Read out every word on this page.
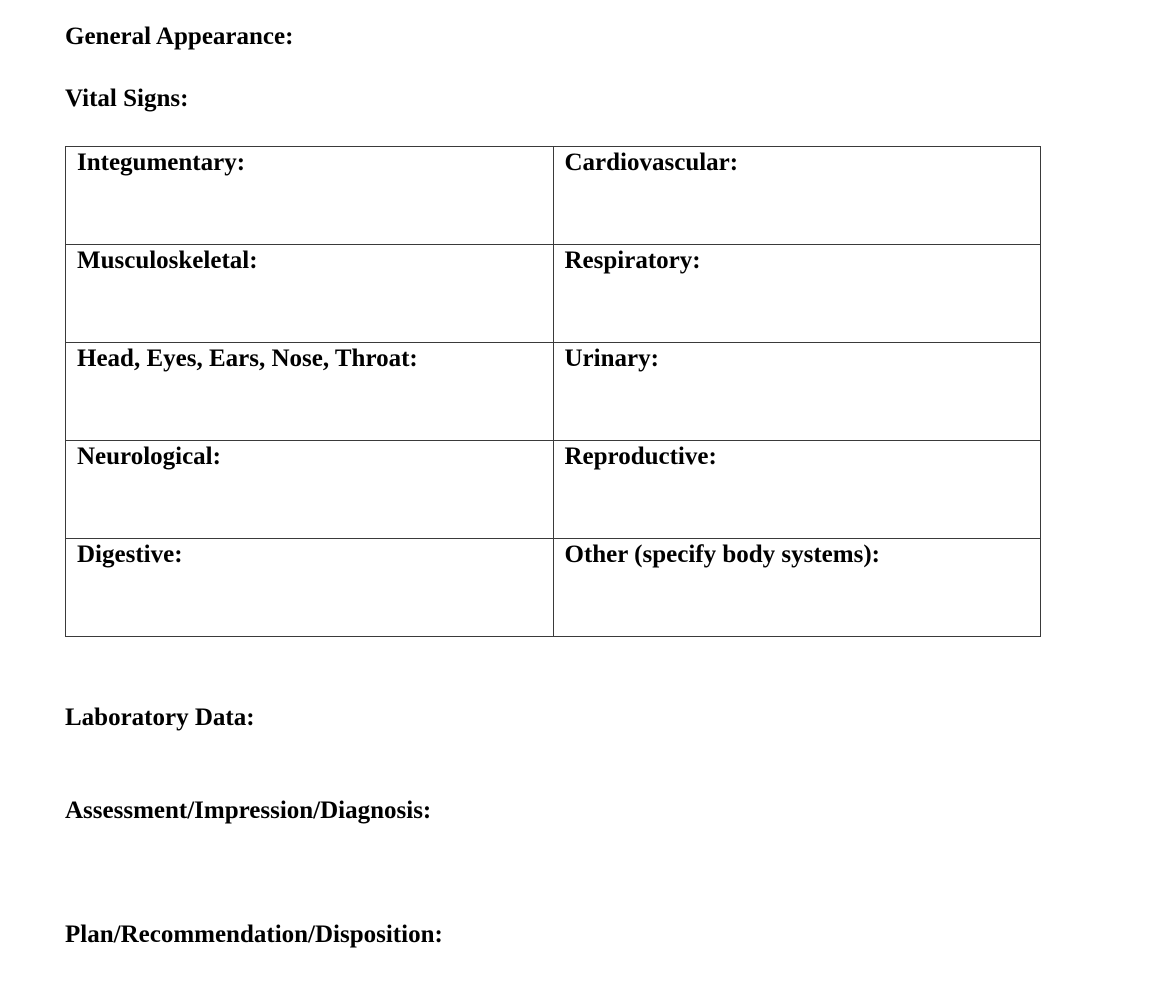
General Appearance:
Vital Signs:
Integumentary:	Cardiovascular:

Musculoskeletal:	Respiratory:

Head, Eyes, Ears, Nose, Throat:	Urinary:

Neurological:	Reproductive:

Digestive:	Other (specify body systems):
Laboratory Data:
Assessment/Impression/Diagnosis:
Plan/Recommendation/Disposition:
